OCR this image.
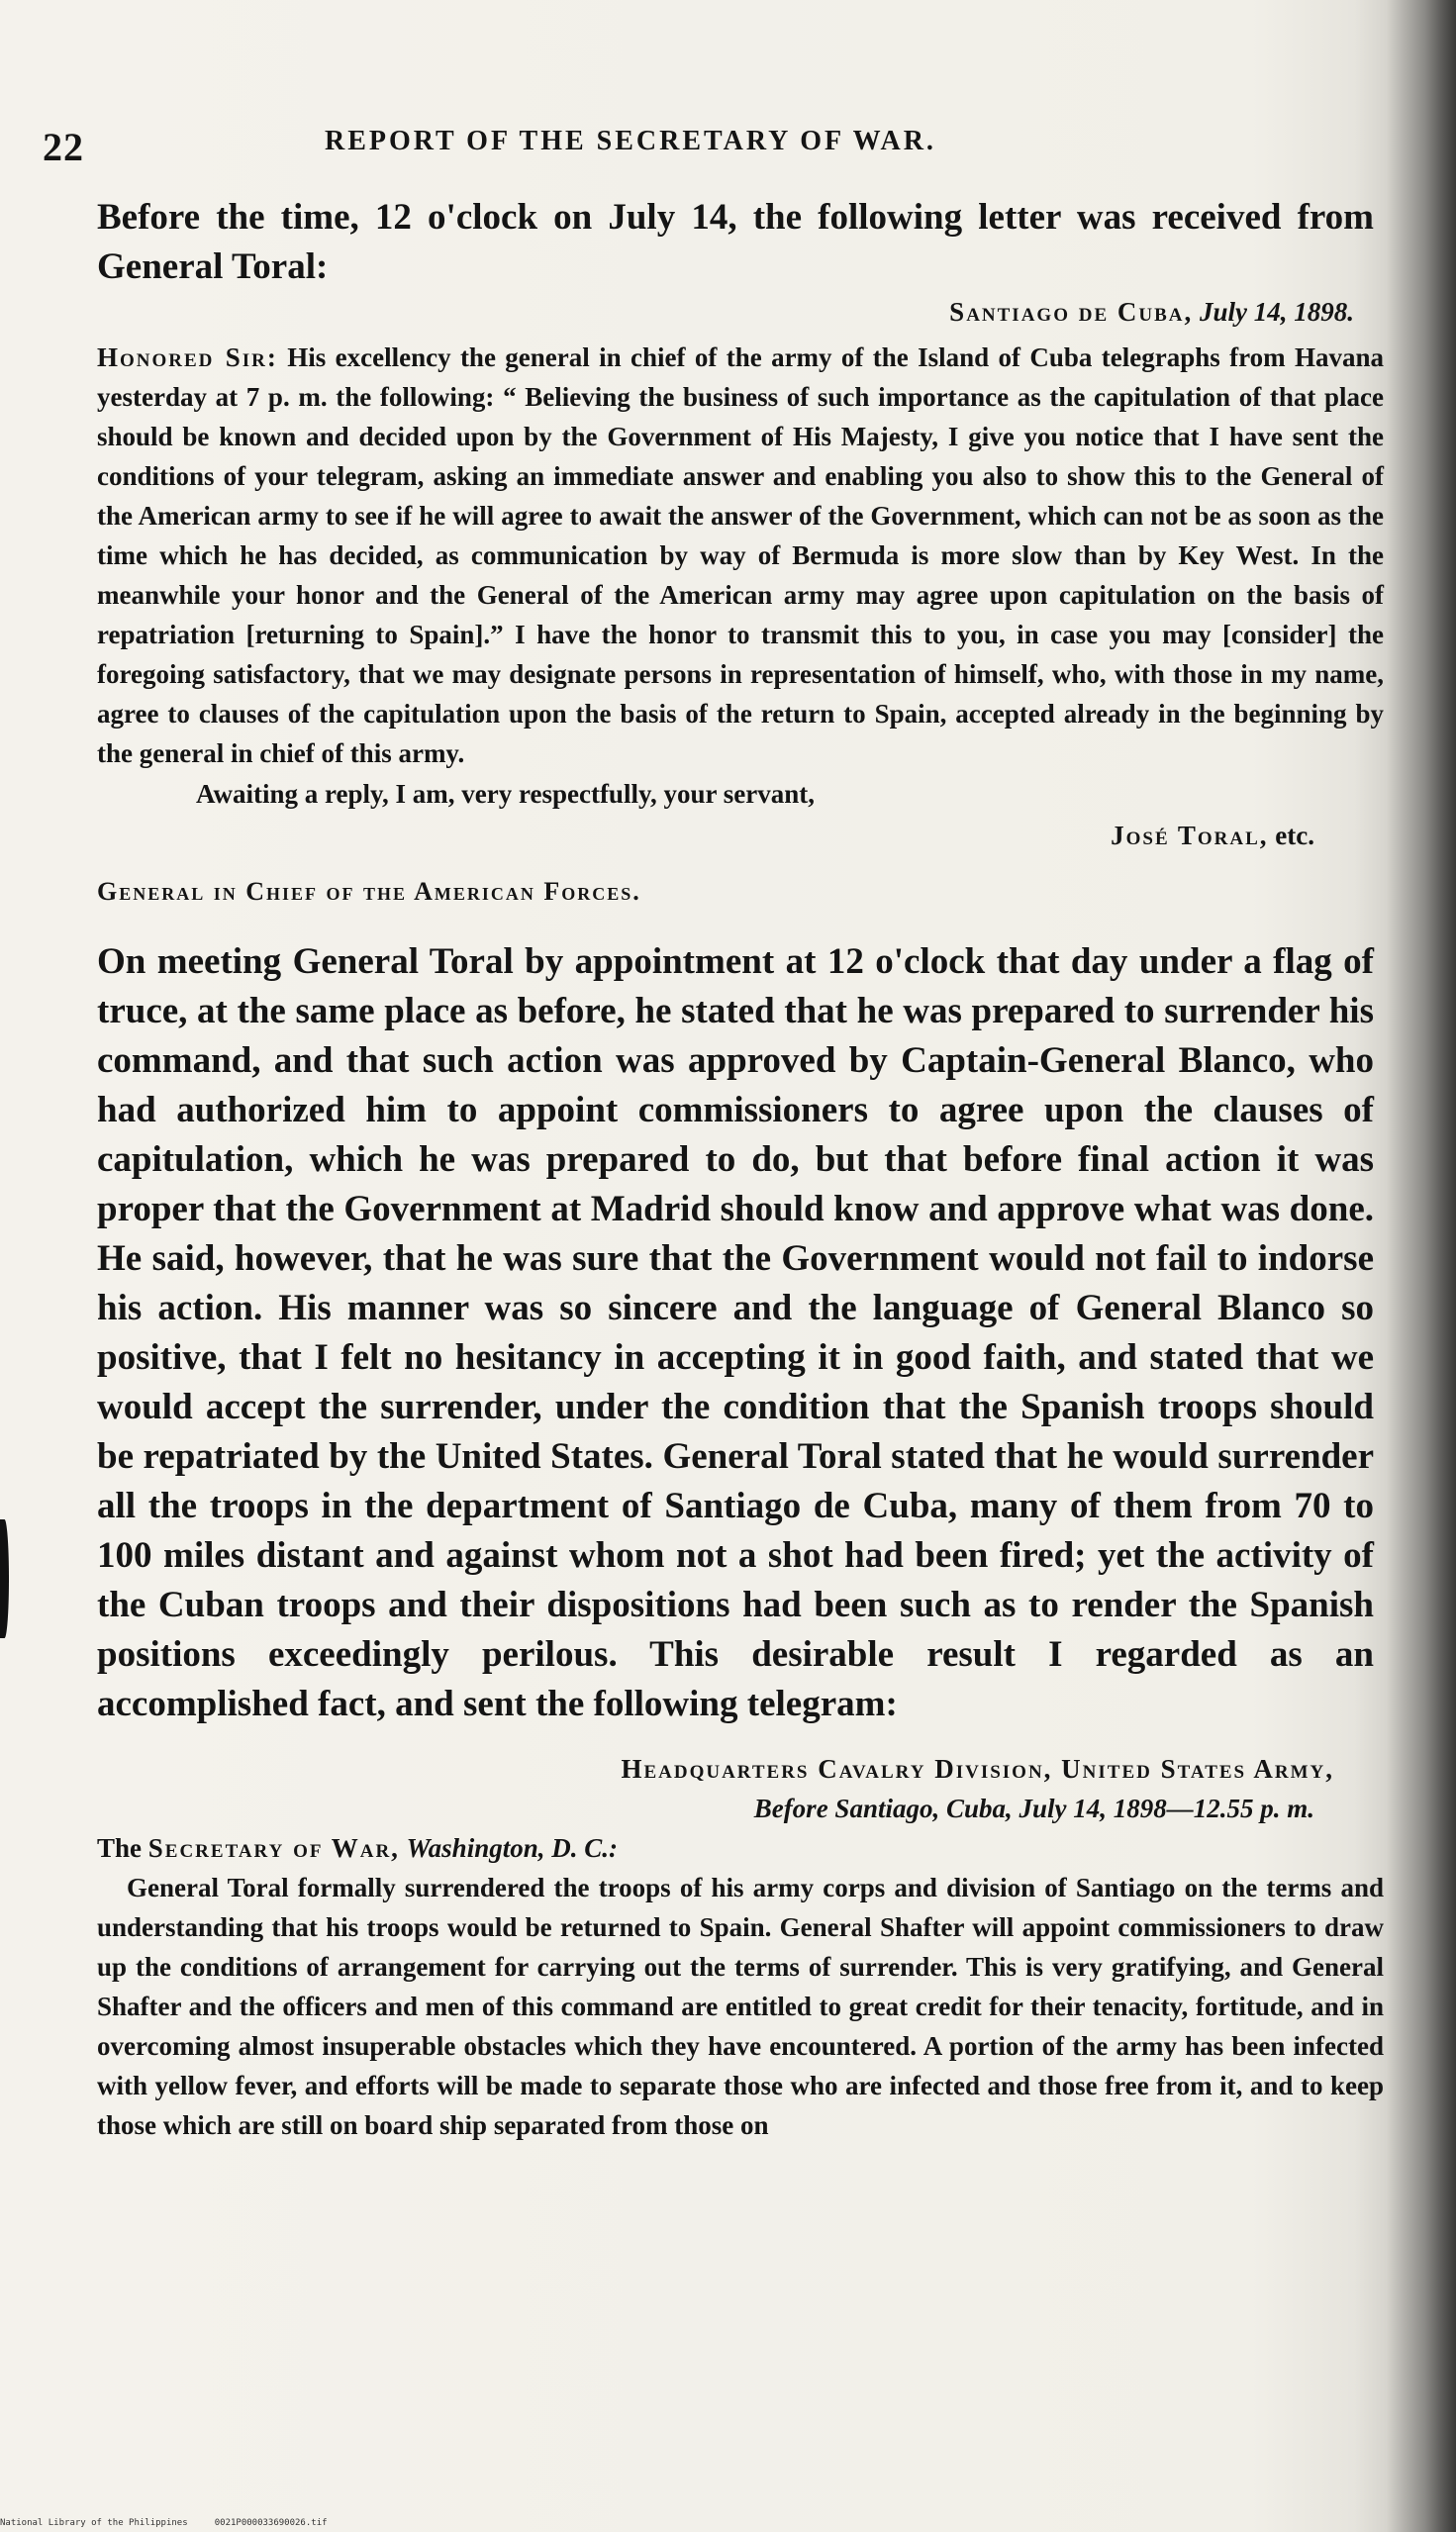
22	REPORT OF THE SECRETARY OF WAR.

Before the time, 12 o'clock on July 14, the following letter was received from General Toral:

Santiago de Cuba, July 14, 1898.

Honored Sir: His excellency the general in chief of the army of the Island of Cuba telegraphs from Havana yesterday at 7 p. m. the following: “ Believing the business of such importance as the capitulation of that place should be known and decided upon by the Government of His Majesty, I give you notice that I have sent the conditions of your telegram, asking an immediate answer and enabling you also to show this to the General of the American army to see if he will agree to await the answer of the Government, which can not be as soon as the time which he has decided, as communication by way of Bermuda is more slow than by Key West. In the meanwhile your honor and the General of the American army may agree upon capitulation on the basis of repatriation [returning to Spain].” I have the honor to transmit this to you, in case you may [consider] the foregoing satisfactory, that we may designate persons in representation of himself, who, with those in my name, agree to clauses of the capitulation upon the basis of the return to Spain, accepted already in the beginning by the general in chief of this army.

Awaiting a reply, I am, very respectfully, your servant,

José Toral, etc.

General in Chief of the American Forces.

On meeting General Toral by appointment at 12 o'clock that day under a flag of truce, at the same place as before, he stated that he was prepared to surrender his command, and that such action was approved by Captain-General Blanco, who had authorized him to appoint commissioners to agree upon the clauses of capitulation, which he was prepared to do, but that before final action it was proper that the Government at Madrid should know and approve what was done. He said, however, that he was sure that the Government would not fail to indorse his action. His manner was so sincere and the language of General Blanco so positive, that I felt no hesitancy in accepting it in good faith, and stated that we would accept the surrender, under the condition that the Spanish troops should be repatriated by the United States. General Toral stated that he would surrender all the troops in the department of Santiago de Cuba, many of them from 70 to 100 miles distant and against whom not a shot had been fired; yet the activity of the Cuban troops and their dispositions had been such as to render the Spanish positions exceedingly perilous. This desirable result I regarded as an accomplished fact, and sent the following telegram:

Headquarters Cavalry Division, United States Army,
Before Santiago, Cuba, July 14, 1898—12.55 p. m.

The Secretary of War, Washington, D. C.:

General Toral formally surrendered the troops of his army corps and division of Santiago on the terms and understanding that his troops would be returned to Spain. General Shafter will appoint commissioners to draw up the conditions of arrangement for carrying out the terms of surrender. This is very gratifying, and General Shafter and the officers and men of this command are entitled to great credit for their tenacity, fortitude, and in overcoming almost insuperable obstacles which they have encountered. A portion of the army has been infected with yellow fever, and efforts will be made to separate those who are infected and those free from it, and to keep those which are still on board ship separated from those on

National Library of the Philippines     0021P000033690026.tif
